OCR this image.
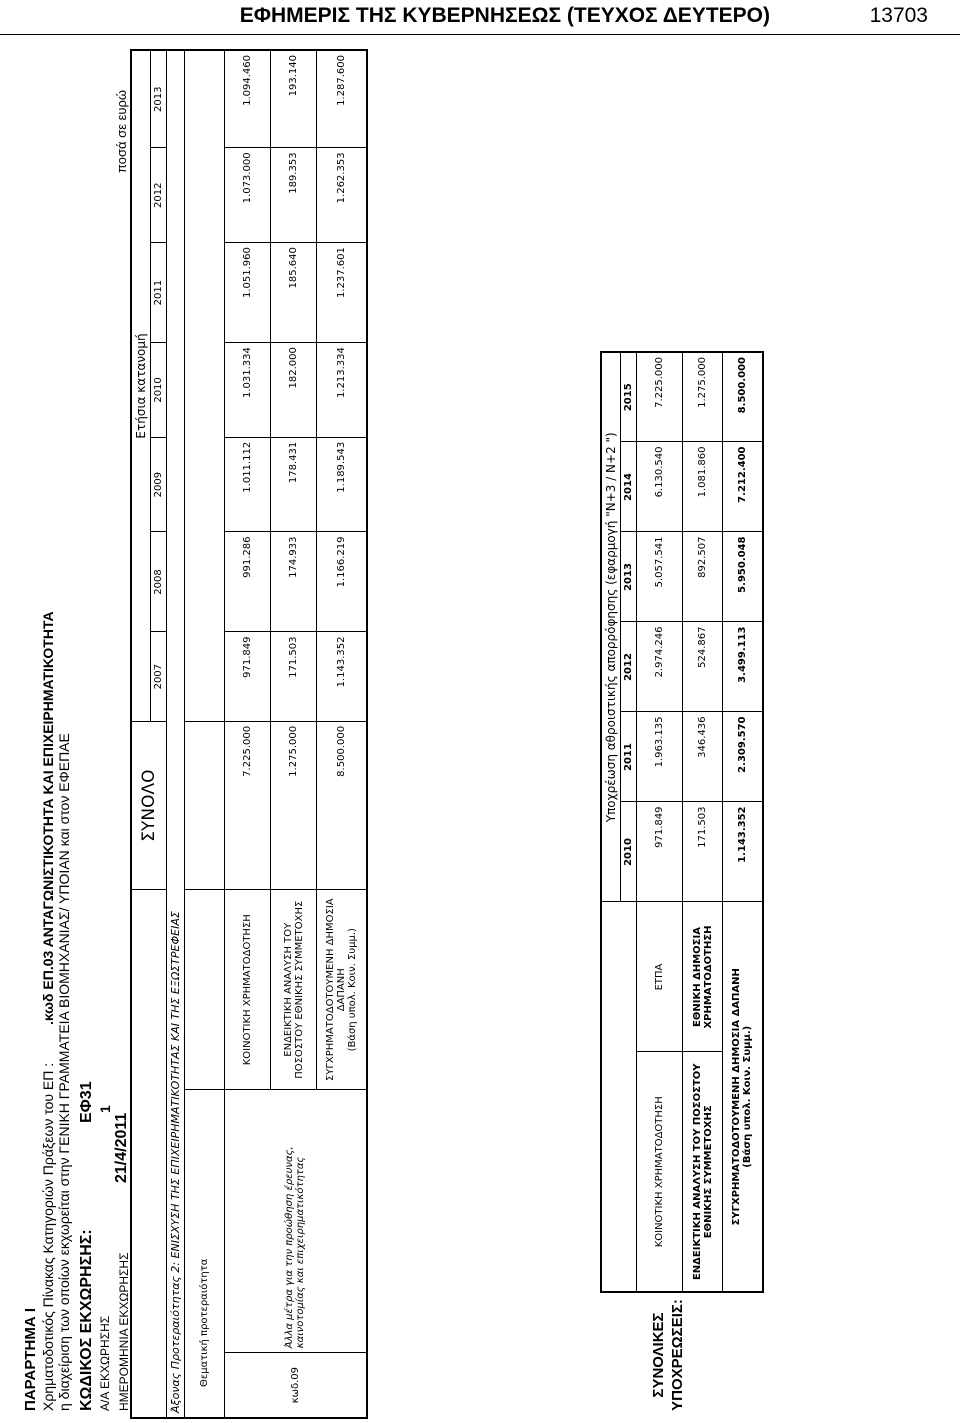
ΕΦΗΜΕΡΙΣ ΤΗΣ ΚΥΒΕΡΝΗΣΕΩΣ (ΤΕΥΧΟΣ ΔΕΥΤΕΡΟ)	13703
ΠΑΡΑΡΤΗΜΑ Ι Χρηματοδοτικός Πίνακας Κατηγοριών Πράξεων του ΕΠ :  .κωδ ΕΠ.03 ΑΝΤΑΓΩΝΙΣΤΙΚΟΤΗΤΑ ΚΑΙ ΕΠΙΧΕΙΡΗΜΑΤΙΚΟΤΗΤΑ η διαχείριση των οποίων εκχωρείται στην ΓΕΝΙΚΗ ΓΡΑΜΜΑΤΕΙΑ ΒΙΟΜΗΧΑΝΙΑΣ/ ΥΠΟΙΑΝ και στον ΕΦΕΠΑΕ ΚΩΔΙΚΟΣ ΕΚΧΩΡΗΣΗΣ:
ΕΦ31
Α/Α ΕΚΧΩΡΗΣΗΣ
1
ΗΜΕΡΟΜΗΝΙΑ ΕΚΧΩΡΗΣΗΣ
21/4/2011
ποσά σε ευρώ
			ΣΥΝΟΛΟ	Ετήσια κατανομή						
				2007	2008	2009	2010	2011	2012	2013
Άξονας Προτεραιότητας 2: ΕΝΙΣΧΥΣΗ ΤΗΣ ΕΠΙΧΕΙΡΗΜΑΤΙΚΟΤΗΤΑΣ ΚΑΙ ΤΗΣ ΕΞΩΣΤΡΕΦΕΙΑΣ										
Θεματική προτεραιότητα										
κωδ.09	Άλλα μέτρα για την προώθηση έρευνας, καινοτομίας και επιχειρηματικότητας	ΚΟΙΝΟΤΙΚΗ ΧΡΗΜΑΤΟΔΟΤΗΣΗ	7.225.000	971.849	991.286	1.011.112	1.031.334	1.051.960	1.073.000	1.094.460
		ΕΝΔΕΙΚΤΙΚΗ ΑΝΑΛΥΣΗ ΤΟΥ ΠΟΣΟΣΤΟΥ ΕΘΝΙΚΗΣ ΣΥΜΜΕΤΟΧΗΣ	1.275.000	171.503	174.933	178.431	182.000	185.640	189.353	193.140
		ΣΥΓΧΡΗΜΑΤΟΔΟΤΟΥΜΕΝΗ ΔΗΜΟΣΙΑ ΔΑΠΑΝΗ
(Βάση υπολ. Κοιν. Συμμ.)	8.500.000	1.143.352	1.166.219	1.189.543	1.213.334	1.237.601	1.262.353	1.287.600
ΣΥΝΟΛΙΚΕΣ ΥΠΟΧΡΕΩΣΕΙΣ:
		Υποχρέωση αθροιστικής απορρόφησης (εφαρμογή "Ν+3 / Ν+2 ")					
		2010	2011	2012	2013	2014	2015
ΚΟΙΝΟΤΙΚΗ ΧΡΗΜΑΤΟΔΟΤΗΣΗ	ΕΤΠΑ	971.849	1.963.135	2.974.246	5.057.541	6.130.540	7.225.000
ΕΝΔΕΙΚΤΙΚΗ ΑΝΑΛΥΣΗ ΤΟΥ ΠΟΣΟΣΤΟΥ ΕΘΝΙΚΗΣ ΣΥΜΜΕΤΟΧΗΣ	ΕΘΝΙΚΗ ΔΗΜΟΣΙΑ ΧΡΗΜΑΤΟΔΟΤΗΣΗ	171.503	346.436	524.867	892.507	1.081.860	1.275.000
ΣΥΓΧΡΗΜΑΤΟΔΟΤΟΥΜΕΝΗ ΔΗΜΟΣΙΑ ΔΑΠΑΝΗ
(Βάση υπολ. Κοιν. Συμμ.)		1.143.352	2.309.570	3.499.113	5.950.048	7.212.400	8.500.000
